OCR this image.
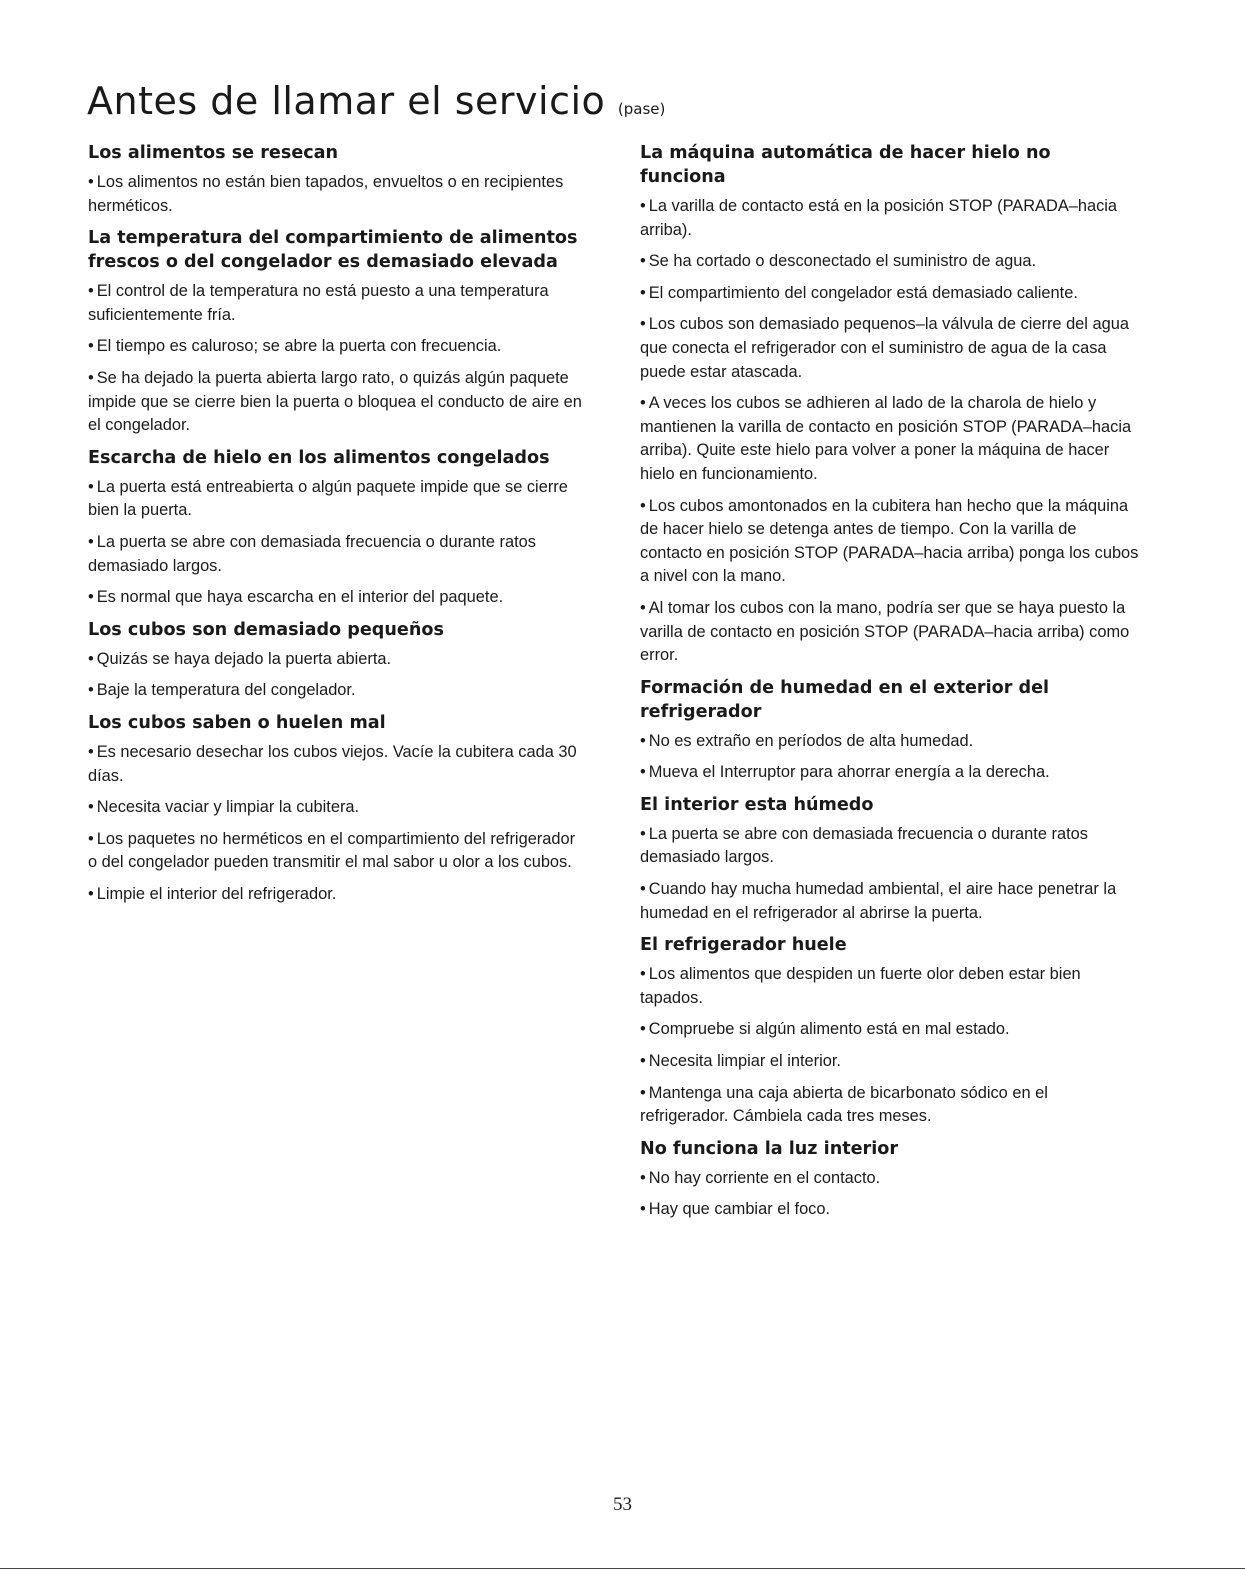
Antes de llamar el servicio (pase)
Los alimentos se resecan

• Los alimentos no están bien tapados, envueltos o en recipientes herméticos.

La temperatura del compartimiento de alimentos frescos o del congelador es demasiado elevada

• El control de la temperatura no está puesto a una temperatura suficientemente fría.

• El tiempo es caluroso; se abre la puerta con frecuencia.

• Se ha dejado la puerta abierta largo rato, o quizás algún paquete impide que se cierre bien la puerta o bloquea el conducto de aire en el congelador.

Escarcha de hielo en los alimentos congelados

• La puerta está entreabierta o algún paquete impide que se cierre bien la puerta.

• La puerta se abre con demasiada frecuencia o durante ratos demasiado largos.

• Es normal que haya escarcha en el interior del paquete.

Los cubos son demasiado pequeños

• Quizás se haya dejado la puerta abierta.

• Baje la temperatura del congelador.

Los cubos saben o huelen mal

• Es necesario desechar los cubos viejos. Vacíe la cubitera cada 30 días.

• Necesita vaciar y limpiar la cubitera.

• Los paquetes no herméticos en el compartimiento del refrigerador o del congelador pueden transmitir el mal sabor u olor a los cubos.

• Limpie el interior del refrigerador.

La máquina automática de hacer hielo no funciona

• La varilla de contacto está en la posición STOP (PARADA–hacia arriba).

• Se ha cortado o desconectado el suministro de agua.

• El compartimiento del congelador está demasiado caliente.

• Los cubos son demasiado pequenos–la válvula de cierre del agua que conecta el refrigerador con el suministro de agua de la casa puede estar atascada.

• A veces los cubos se adhieren al lado de la charola de hielo y mantienen la varilla de contacto en posición STOP (PARADA–hacia arriba). Quite este hielo para volver a poner la máquina de hacer hielo en funcionamiento.

• Los cubos amontonados en la cubitera han hecho que la máquina de hacer hielo se detenga antes de tiempo. Con la varilla de contacto en posición STOP (PARADA–hacia arriba) ponga los cubos a nivel con la mano.

• Al tomar los cubos con la mano, podría ser que se haya puesto la varilla de contacto en posición STOP (PARADA–hacia arriba) como error.

Formación de humedad en el exterior del refrigerador

• No es extraño en períodos de alta humedad.

• Mueva el Interruptor para ahorrar energía a la derecha.

El interior esta húmedo

• La puerta se abre con demasiada frecuencia o durante ratos demasiado largos.

• Cuando hay mucha humedad ambiental, el aire hace penetrar la humedad en el refrigerador al abrirse la puerta.

El refrigerador huele

• Los alimentos que despiden un fuerte olor deben estar bien tapados.

• Compruebe si algún alimento está en mal estado.

• Necesita limpiar el interior.

• Mantenga una caja abierta de bicarbonato sódico en el refrigerador. Cámbiela cada tres meses.

No funciona la luz interior

• No hay corriente en el contacto.

• Hay que cambiar el foco.

53
